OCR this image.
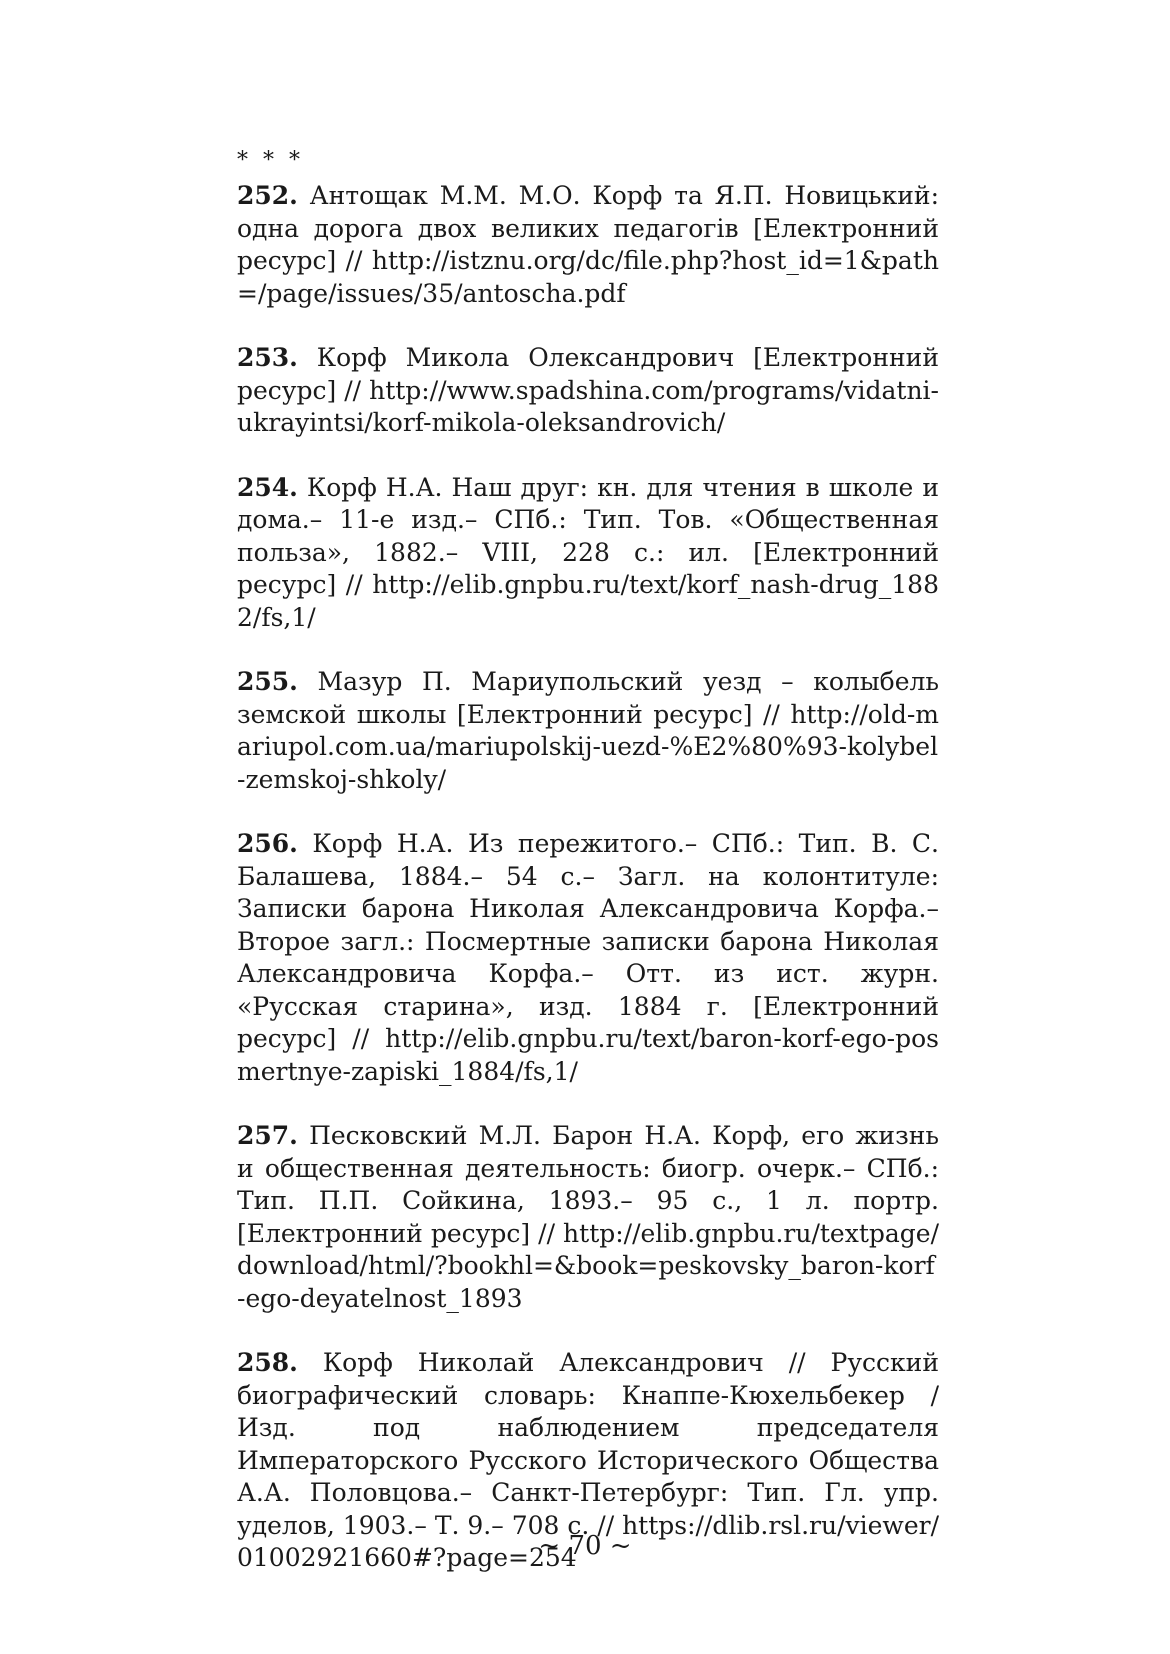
* * *
252. Антощак М.М. М.О. Корф та Я.П. Новицький: одна дорога двох великих педагогів [Електронний ресурс] // http://istznu.org/dc/file.php?host_id=1&path=/page/issues/35/antoscha.pdf
253. Корф Микола Олександрович [Електронний ресурс] // http://www.spadshina.com/programs/vidatni-ukrayintsi/korf-mikola-oleksandrovich/
254. Корф Н.А. Наш друг: кн. для чтения в школе и дома.– 11-е изд.– СПб.: Тип. Тов. «Общественная польза», 1882.– VIII, 228 с.: ил. [Електронний ресурс] // http://elib.gnpbu.ru/text/korf_nash-drug_1882/fs,1/
255. Мазур П. Мариупольский уезд – колыбель земской школы [Електронний ресурс] // http://old-mariupol.com.ua/mariupolskij-uezd-%E2%80%93-kolybel-zemskoj-shkoly/
256. Корф Н.А. Из пережитого.– СПб.: Тип. В. С. Балашева, 1884.– 54 с.– Загл. на колонтитуле: Записки барона Николая Александровича Корфа.– Второе загл.: Посмертные записки барона Николая Александровича Корфа.– Отт. из ист. журн. «Русская старина», изд. 1884 г. [Електронний ресурс] // http://elib.gnpbu.ru/text/baron-korf-ego-posmertnye-zapiski_1884/fs,1/
257. Песковский М.Л. Барон Н.А. Корф, его жизнь и общественная деятельность: биогр. очерк.– СПб.: Тип. П.П. Сойкина, 1893.– 95 с., 1 л. портр. [Електронний ресурс] // http://elib.gnpbu.ru/textpage/download/html/?bookhl=&book=peskovsky_baron-korf-ego-deyatelnost_1893
258. Корф Николай Александрович // Русский биографический словарь: Кнаппе-Кюхельбекер / Изд. под наблюдением председателя Императорского Русского Исторического Общества А.А. Половцова.– Санкт-Петербург: Тип. Гл. упр. уделов, 1903.– Т. 9.– 708 с. // https://dlib.rsl.ru/viewer/01002921660#?page=254
~ 70 ~
